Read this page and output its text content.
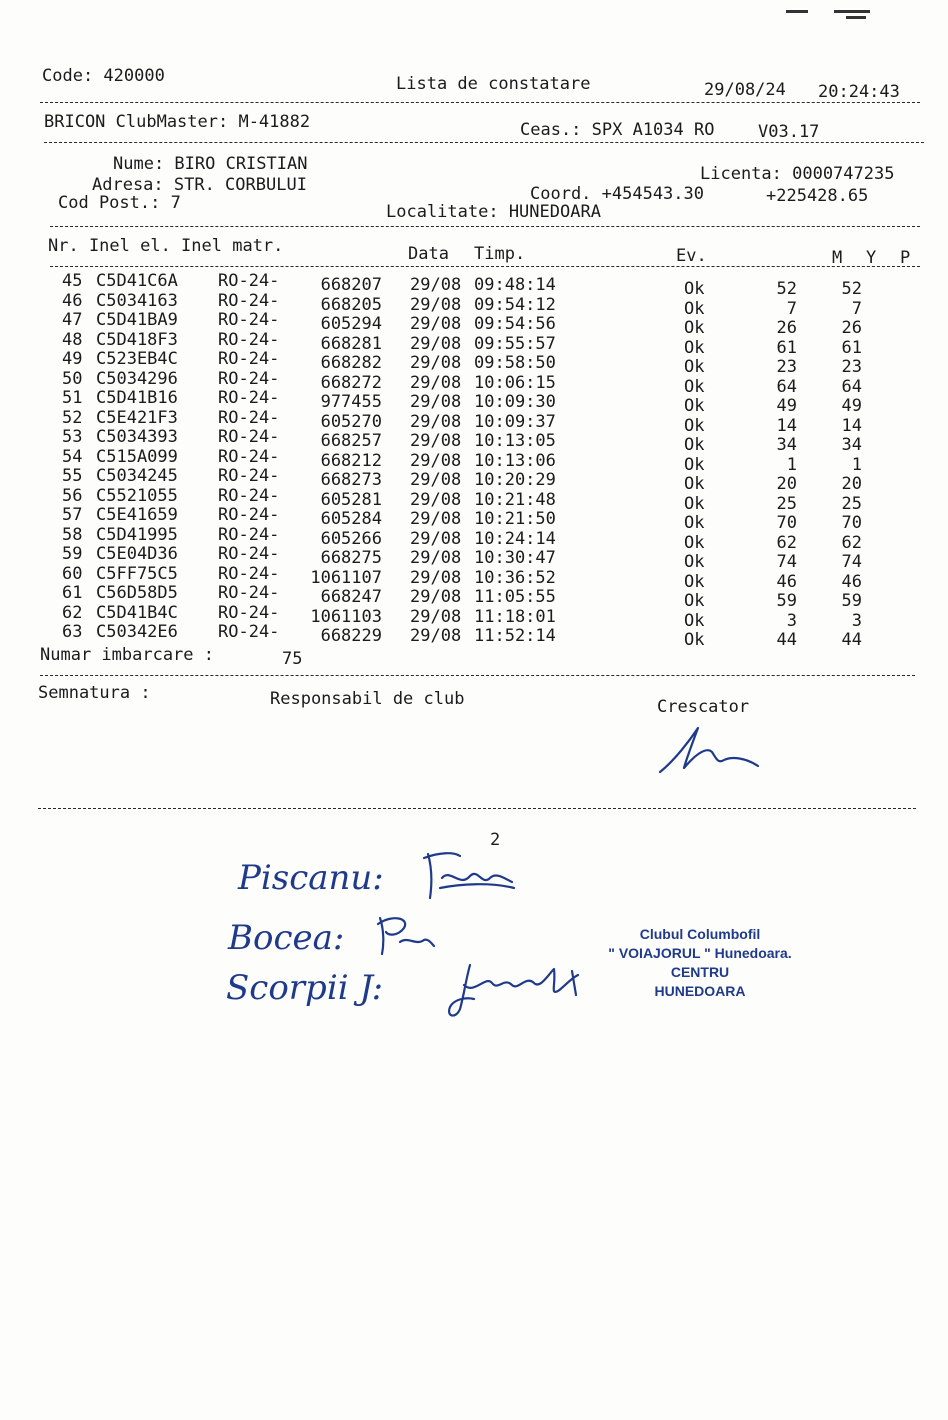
Code: 420000	Lista de constatare	29/08/24 20:24:43
BRICON ClubMaster: M-41882	Ceas.: SPX A1034 RO	V03.17
Nume: BIRO CRISTIAN
Adresa: STR. CORBULUI
Cod Post.: 7
Licenta: 0000747235
Coord. +454543.30	+225428.65
Localitate: HUNEDOARA
Nr. Inel el. Inel matr.	Data Timp.	Ev.	M Y P
45 C5D41C6A RO-24- 668207 29/08 09:48:14	Ok	52	52
46 C5034163 RO-24- 668205 29/08 09:54:12	Ok	7	7
47 C5D41BA9 RO-24- 605294 29/08 09:54:56	Ok	26	26
48 C5D418F3 RO-24- 668281 29/08 09:55:57	Ok	61	61
49 C523EB4C RO-24- 668282 29/08 09:58:50	Ok	23	23
50 C5034296 RO-24- 668272 29/08 10:06:15	Ok	64	64
51 C5D41B16 RO-24- 977455 29/08 10:09:30	Ok	49	49
52 C5E421F3 RO-24- 605270 29/08 10:09:37	Ok	14	14
53 C5034393 RO-24- 668257 29/08 10:13:05	Ok	34	34
54 C515A099 RO-24- 668212 29/08 10:13:06	Ok	1	1
55 C5034245 RO-24- 668273 29/08 10:20:29	Ok	20	20
56 C5521055 RO-24- 605281 29/08 10:21:48	Ok	25	25
57 C5E41659 RO-24- 605284 29/08 10:21:50	Ok	70	70
58 C5D41995 RO-24- 605266 29/08 10:24:14	Ok	62	62
59 C5E04D36 RO-24- 668275 29/08 10:30:47	Ok	74	74
60 C5FF75C5 RO-24- 1061107 29/08 10:36:52	Ok	46	46
61 C56D58D5 RO-24- 668247 29/08 11:05:55	Ok	59	59
62 C5D41B4C RO-24- 1061103 29/08 11:18:01	Ok	3	3
63 C50342E6 RO-24- 668229 29/08 11:52:14	Ok	44	44
Numar imbarcare :	75
Semnatura :	Responsabil de club	Crescator
2
Piscanu:
Bocea:
Scorpii J:
Clubul Columbofil
" VOIAJORUL " Hunedoara.
CENTRU
HUNEDOARA
